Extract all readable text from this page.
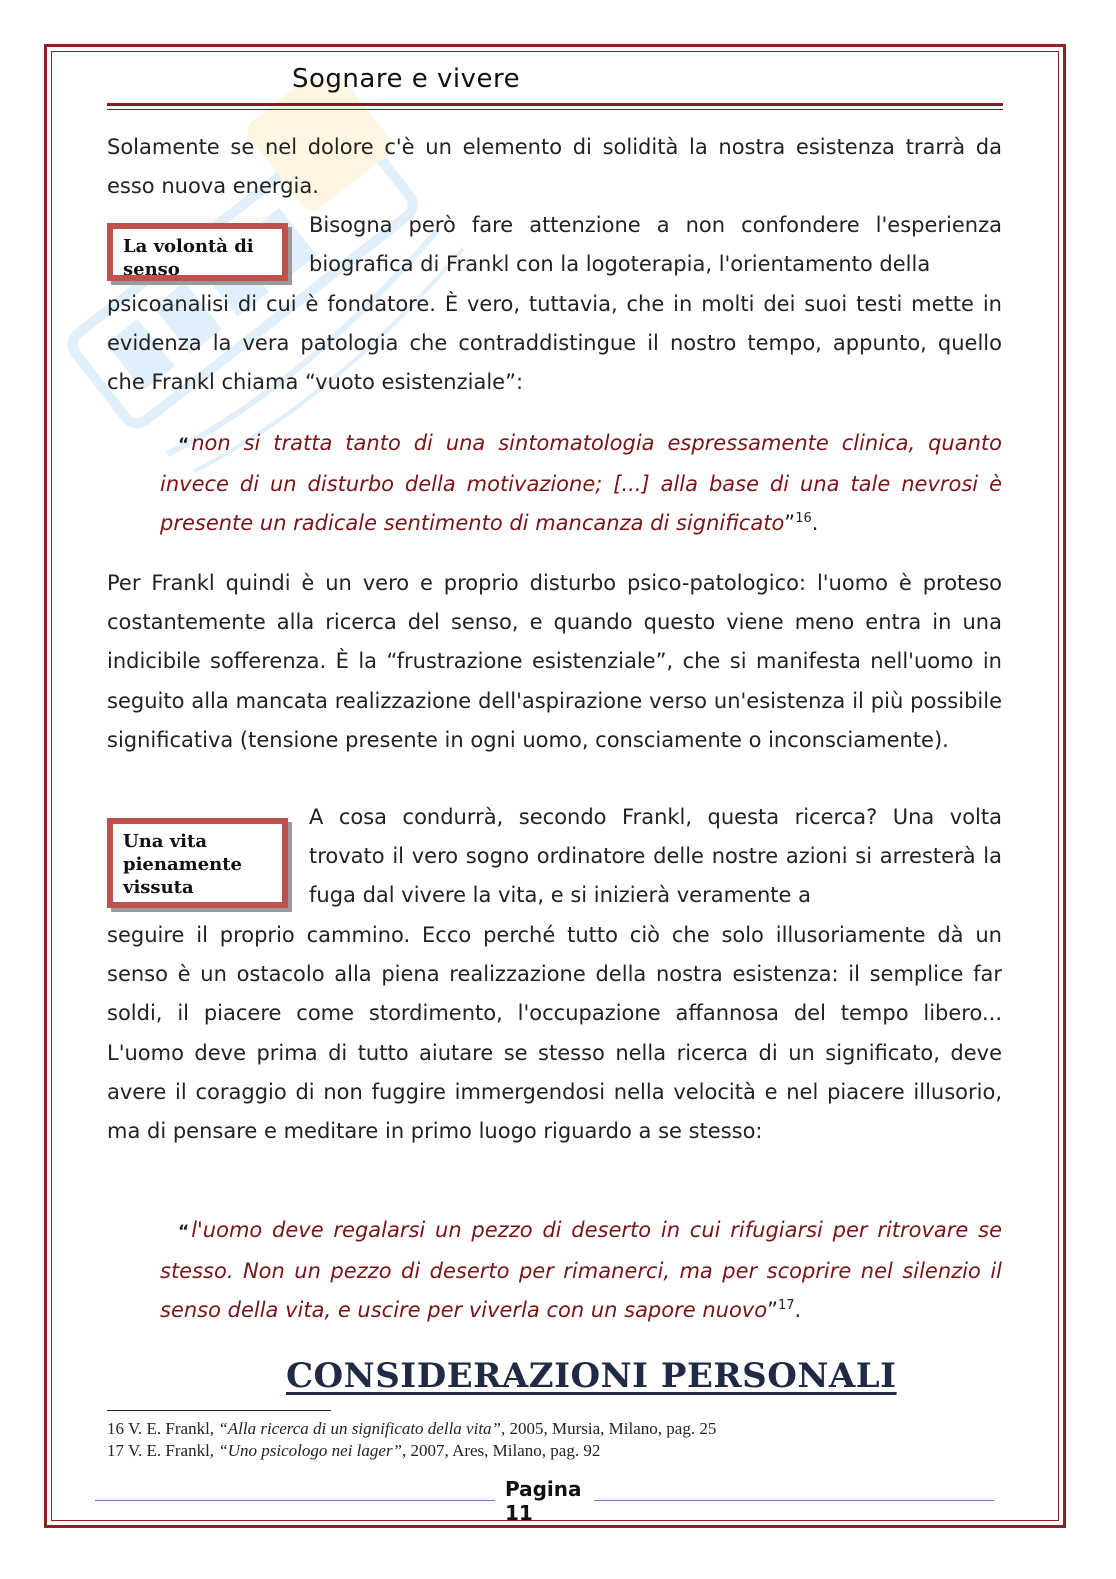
Sognare e vivere

Solamente se nel dolore c'è un elemento di solidità la nostra esistenza trarrà da esso nuova energia.

La volontà di senso

Bisogna però fare attenzione a non confondere l'esperienza biografica di Frankl con la logoterapia, l'orientamento della

psicoanalisi di cui è fondatore. È vero, tuttavia, che in molti dei suoi testi mette in evidenza la vera patologia che contraddistingue il nostro tempo, appunto, quello che Frankl chiama “vuoto esistenziale”:

“non si tratta tanto di una sintomatologia espressamente clinica, quanto invece di un disturbo della motivazione; [...] alla base di una tale nevrosi è presente un radicale sentimento di mancanza di significato”$^{16}$.

Per Frankl quindi è un vero e proprio disturbo psico-patologico: l'uomo è proteso costantemente alla ricerca del senso, e quando questo viene meno entra in una indicibile sofferenza. È la “frustrazione esistenziale”, che si manifesta nell'uomo in seguito alla mancata realizzazione dell'aspirazione verso un'esistenza il più possibile significativa (tensione presente in ogni uomo, consciamente o inconsciamente).

Una vita pienamente vissuta

A cosa condurrà, secondo Frankl, questa ricerca? Una volta trovato il vero sogno ordinatore delle nostre azioni si arresterà la fuga dal vivere la vita, e si inizierà veramente a

seguire il proprio cammino. Ecco perché tutto ciò che solo illusoriamente dà un senso è un ostacolo alla piena realizzazione della nostra esistenza: il semplice far soldi, il piacere come stordimento, l'occupazione affannosa del tempo libero... L'uomo deve prima di tutto aiutare se stesso nella ricerca di un significato, deve avere il coraggio di non fuggire immergendosi nella velocità e nel piacere illusorio, ma di pensare e meditare in primo luogo riguardo a se stesso:

“l'uomo deve regalarsi un pezzo di deserto in cui rifugiarsi per ritrovare se stesso. Non un pezzo di deserto per rimanerci, ma per scoprire nel silenzio il senso della vita, e uscire per viverla con un sapore nuovo”$^{17}$.

CONSIDERAZIONI PERSONALI
16 V. E. Frankl, “Alla ricerca di un significato della vita”, 2005, Mursia, Milano, pag. 25
17 V. E. Frankl, “Uno psicologo nei lager”, 2007, Ares, Milano, pag. 92
Pagina
11
